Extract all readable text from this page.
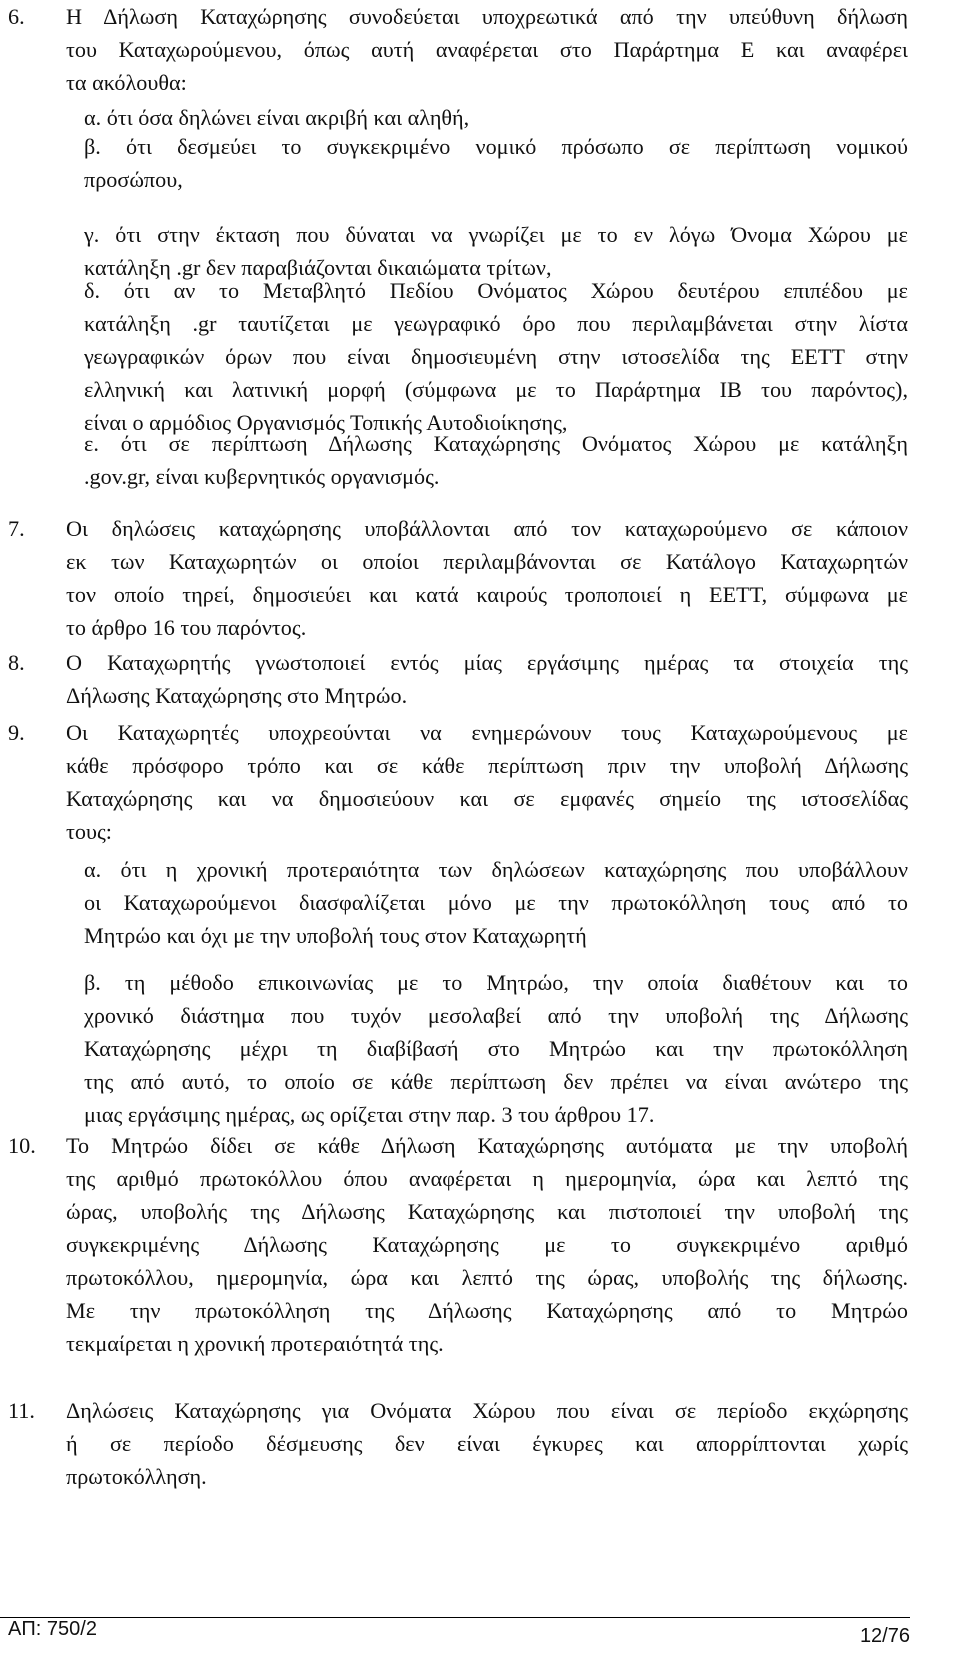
6. Η Δήλωση Καταχώρησης συνοδεύεται υποχρεωτικά από την υπεύθυνη δήλωση
του Καταχωρούμενου, όπως αυτή αναφέρεται στο Παράρτημα Ε και αναφέρει
τα ακόλουθα:
α. ότι όσα δηλώνει είναι ακριβή και αληθή,
β. ότι δεσμεύει το συγκεκριμένο νομικό πρόσωπο σε περίπτωση νομικού
προσώπου,
γ. ότι στην έκταση που δύναται να γνωρίζει με το εν λόγω Όνομα Χώρου με
κατάληξη .gr δεν παραβιάζονται δικαιώματα τρίτων,
δ. ότι αν το Μεταβλητό Πεδίου Ονόματος Χώρου δευτέρου επιπέδου με
κατάληξη .gr ταυτίζεται με γεωγραφικό όρο που περιλαμβάνεται στην λίστα
γεωγραφικών όρων που είναι δημοσιευμένη στην ιστοσελίδα της ΕΕΤΤ στην
ελληνική και λατινική μορφή (σύμφωνα με το Παράρτημα ΙΒ του παρόντος),
είναι ο αρμόδιος Οργανισμός Τοπικής Αυτοδιοίκησης,
ε. ότι σε περίπτωση Δήλωσης Καταχώρησης Ονόματος Χώρου με κατάληξη
.gov.gr, είναι κυβερνητικός οργανισμός.
7. Οι δηλώσεις καταχώρησης υποβάλλονται από τον καταχωρούμενο σε κάποιον
εκ των Καταχωρητών οι οποίοι περιλαμβάνονται σε Κατάλογο Καταχωρητών
τον οποίο τηρεί, δημοσιεύει και κατά καιρούς τροποποιεί η ΕΕΤΤ, σύμφωνα με
το άρθρο 16 του παρόντος.
8. Ο Καταχωρητής γνωστοποιεί εντός μίας εργάσιμης ημέρας τα στοιχεία της
Δήλωσης Καταχώρησης στο Μητρώο.
9. Οι Καταχωρητές υποχρεούνται να ενημερώνουν τους Καταχωρούμενους με
κάθε πρόσφορο τρόπο και σε κάθε περίπτωση πριν την υποβολή Δήλωσης
Καταχώρησης και να δημοσιεύουν και σε εμφανές σημείο της ιστοσελίδας
τους:
α. ότι η χρονική προτεραιότητα των δηλώσεων καταχώρησης που υποβάλλουν
οι Καταχωρούμενοι διασφαλίζεται μόνο με την πρωτοκόλληση τους από το
Μητρώο και όχι με την υποβολή τους στον Καταχωρητή
β. τη μέθοδο επικοινωνίας με το Μητρώο, την οποία διαθέτουν και το
χρονικό διάστημα που τυχόν μεσολαβεί από την υποβολή της Δήλωσης
Καταχώρησης μέχρι τη διαβίβασή στο Μητρώο και την πρωτοκόλληση
της από αυτό, το οποίο σε κάθε περίπτωση δεν πρέπει να είναι ανώτερο της
μιας εργάσιμης ημέρας, ως ορίζεται στην παρ. 3 του άρθρου 17.
10. Το Μητρώο δίδει σε κάθε Δήλωση Καταχώρησης αυτόματα με την υποβολή
της αριθμό πρωτοκόλλου όπου αναφέρεται η ημερομηνία, ώρα και λεπτό της
ώρας, υποβολής της Δήλωσης Καταχώρησης και πιστοποιεί την υποβολή της
συγκεκριμένης Δήλωσης Καταχώρησης με το συγκεκριμένο αριθμό
πρωτοκόλλου, ημερομηνία, ώρα και λεπτό της ώρας, υποβολής της δήλωσης.
Με την πρωτοκόλληση της Δήλωσης Καταχώρησης από το Μητρώο
τεκμαίρεται η χρονική προτεραιότητά της.
11. Δηλώσεις Καταχώρησης για Ονόματα Χώρου που είναι σε περίοδο εκχώρησης
ή σε περίοδο δέσμευσης δεν είναι έγκυρες και απορρίπτονται χωρίς
πρωτοκόλληση.
ΑΠ: 750/2	12/76
